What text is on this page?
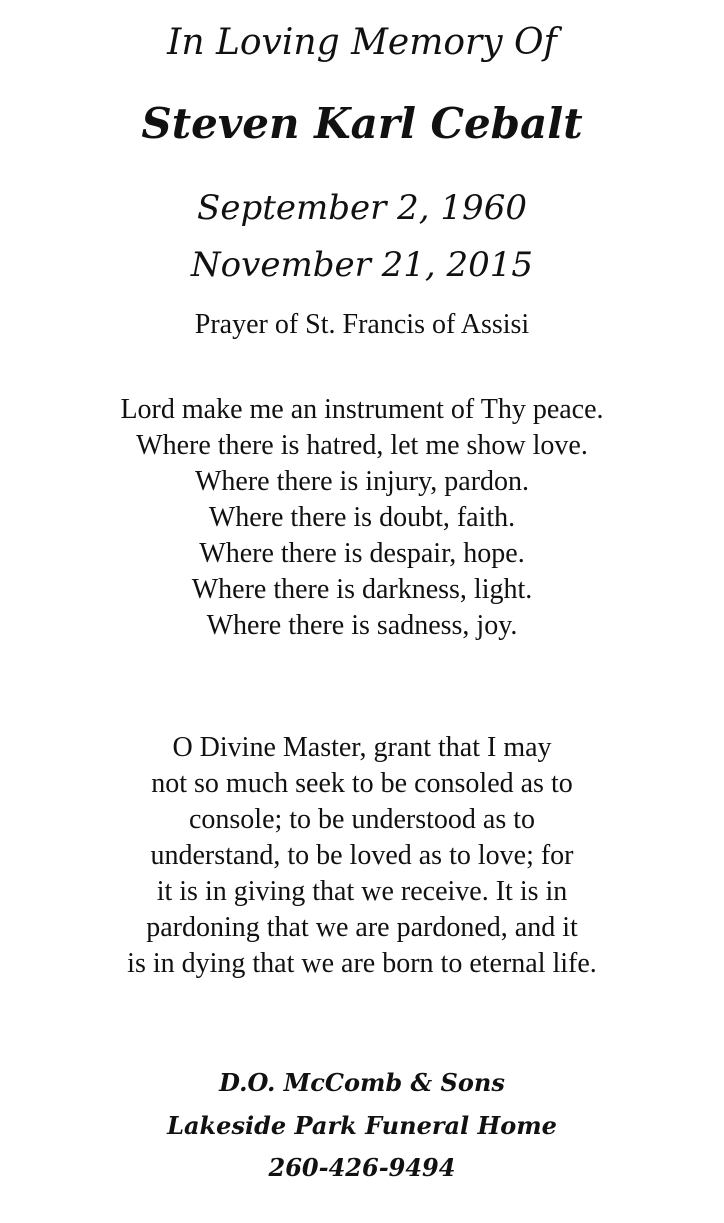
In Loving Memory Of
Steven Karl Cebalt
September 2, 1960
November 21, 2015
Prayer of St. Francis of Assisi
Lord make me an instrument of Thy peace.
Where there is hatred, let me show love.
Where there is injury, pardon.
Where there is doubt, faith.
Where there is despair, hope.
Where there is darkness, light.
Where there is sadness, joy.
O Divine Master, grant that I may
not so much seek to be consoled as to
console; to be understood as to
understand, to be loved as to love; for
it is in giving that we receive. It is in
pardoning that we are pardoned, and it
is in dying that we are born to eternal life.
D.O. McComb & Sons
Lakeside Park Funeral Home
260-426-9494
